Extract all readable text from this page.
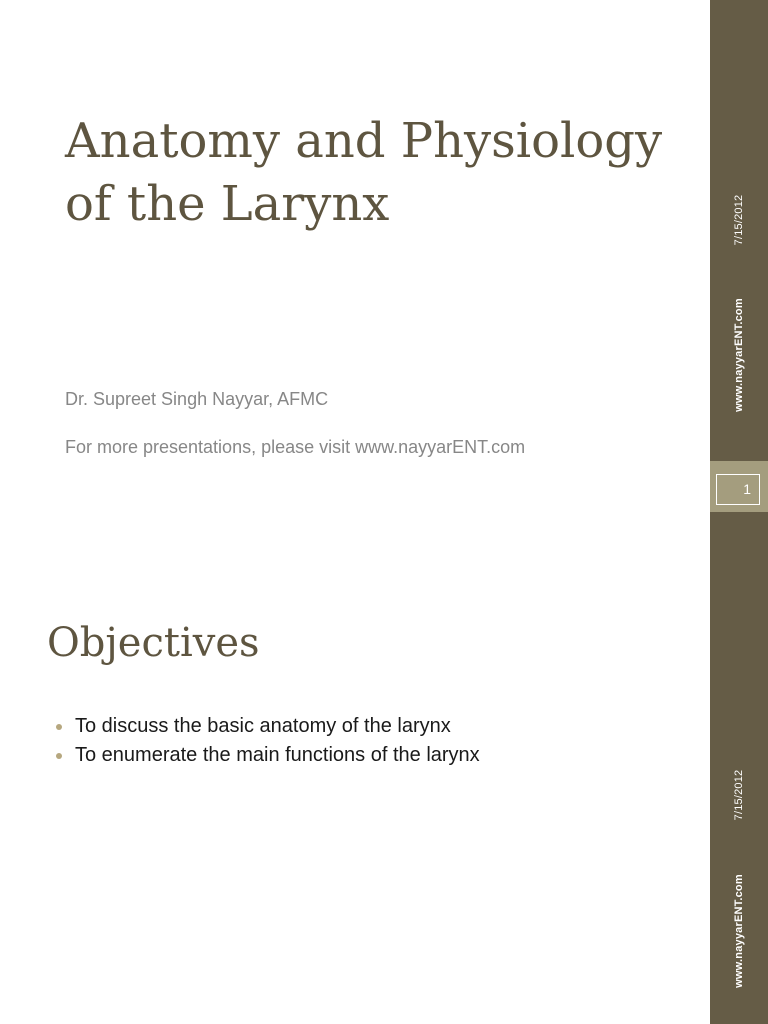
Anatomy and Physiology
of the Larynx

Dr. Supreet Singh Nayyar, AFMC

For more presentations, please visit www.nayyarENT.com

7/15/2012
www.nayyarENT.com
1
Objectives
To discuss the basic anatomy of the larynx
To enumerate the main functions of the larynx
7/15/2012
www.nayyarENT.com
